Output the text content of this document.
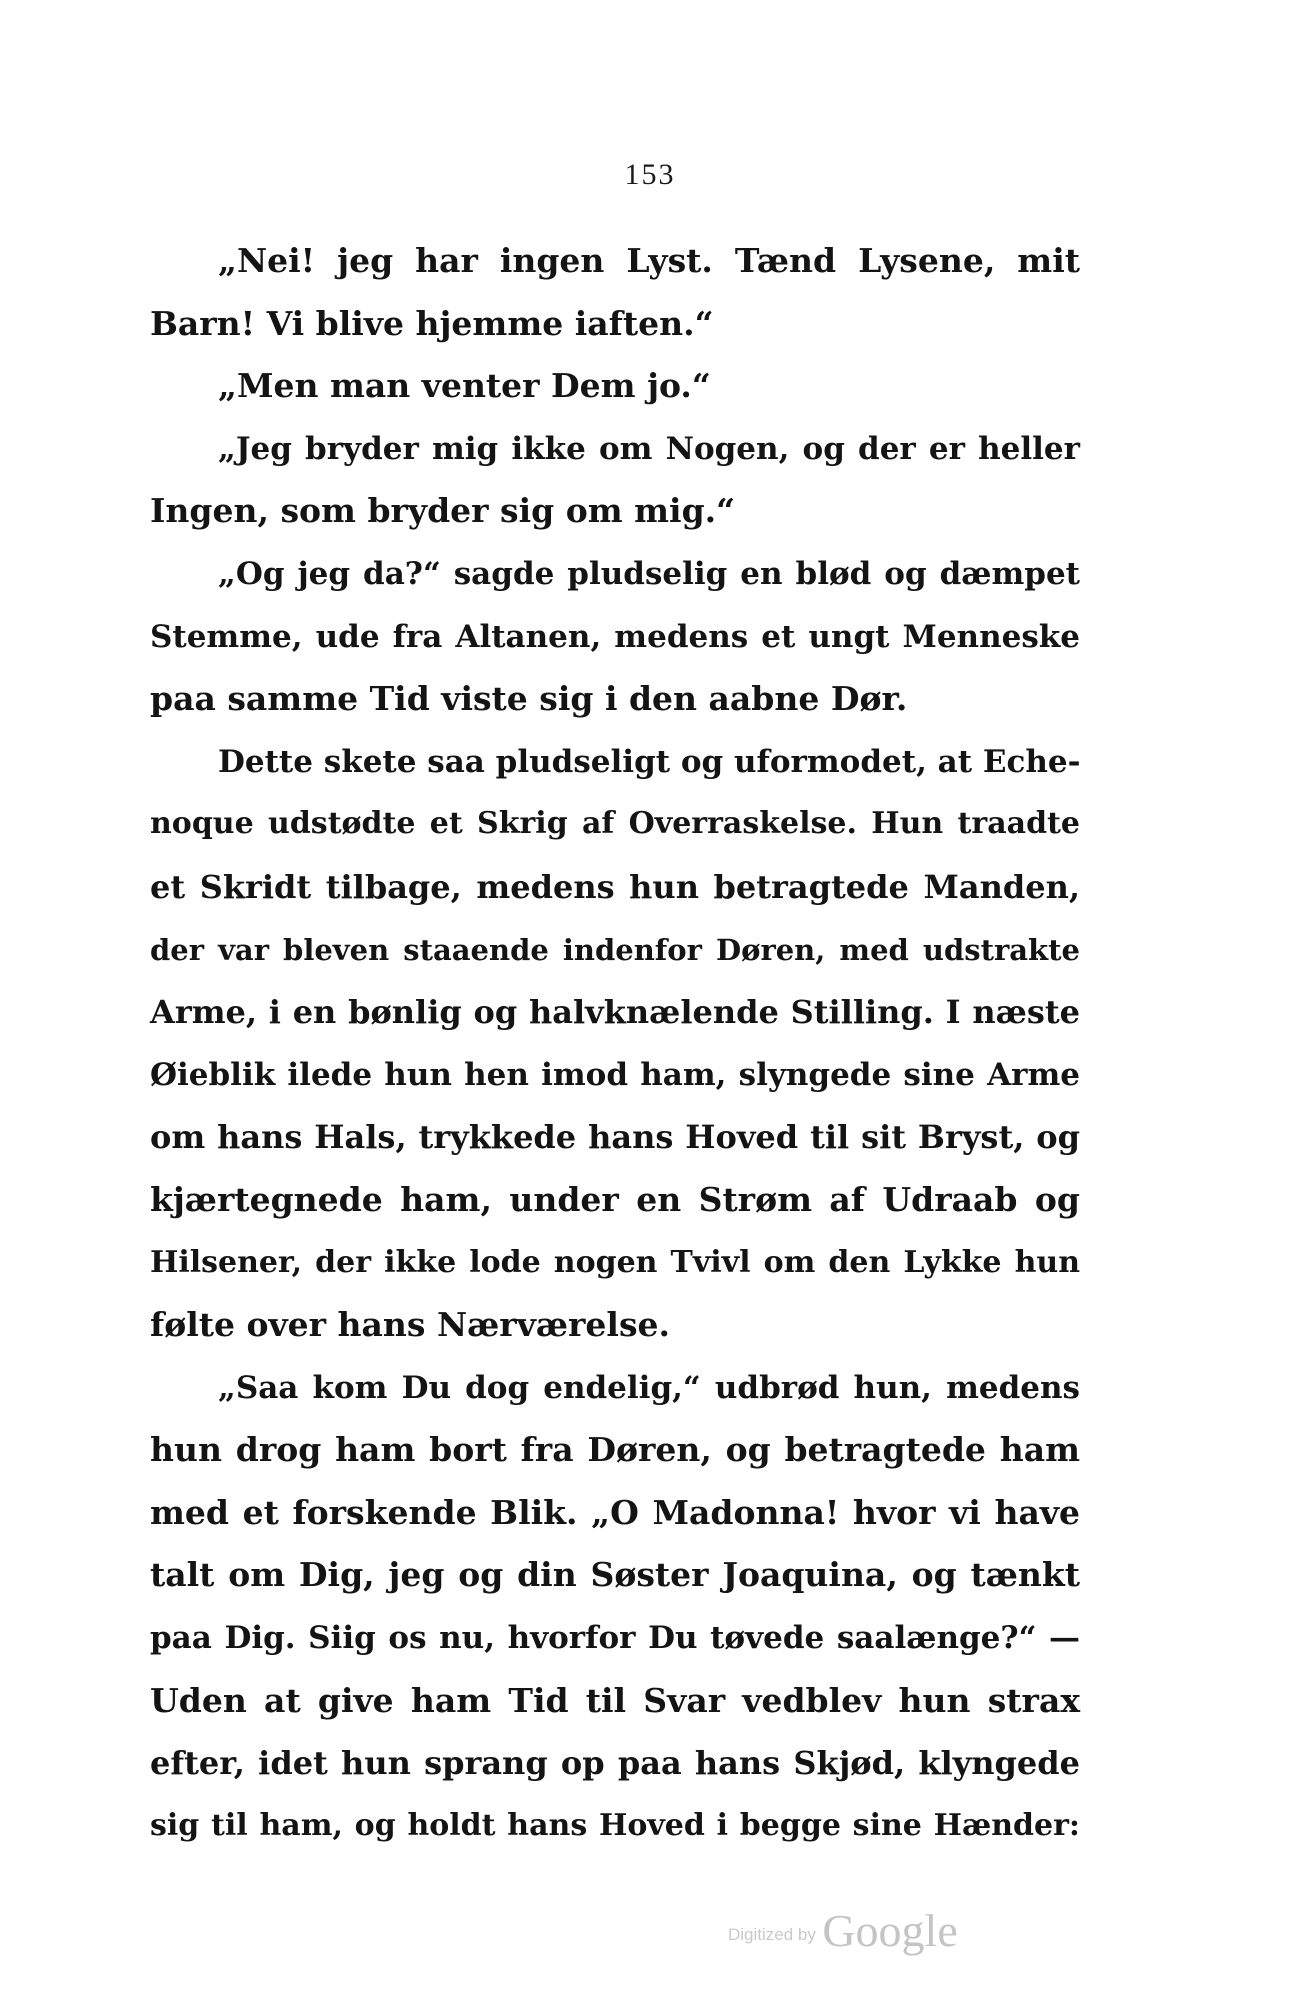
153
„Nei! jeg har ingen Lyst. Tænd Lysene, mit
Barn! Vi blive hjemme iaften.“
„Men man venter Dem jo.“
„Jeg bryder mig ikke om Nogen, og der er heller
Ingen, som bryder sig om mig.“
„Og jeg da?“ sagde pludselig en blød og dæmpet
Stemme, ude fra Altanen, medens et ungt Menneske
paa samme Tid viste sig i den aabne Dør.
Dette skete saa pludseligt og uformodet, at Eche-
noque udstødte et Skrig af Overraskelse. Hun traadte
et Skridt tilbage, medens hun betragtede Manden,
der var bleven staaende indenfor Døren, med udstrakte
Arme, i en bønlig og halvknælende Stilling. I næste
Øieblik ilede hun hen imod ham, slyngede sine Arme
om hans Hals, trykkede hans Hoved til sit Bryst, og
kjærtegnede ham, under en Strøm af Udraab og
Hilsener, der ikke lode nogen Tvivl om den Lykke hun
følte over hans Nærværelse.
„Saa kom Du dog endelig,“ udbrød hun, medens
hun drog ham bort fra Døren, og betragtede ham
med et forskende Blik. „O Madonna! hvor vi have
talt om Dig, jeg og din Søster Joaquina, og tænkt
paa Dig. Siig os nu, hvorfor Du tøvede saalænge?“ —
Uden at give ham Tid til Svar vedblev hun strax
efter, idet hun sprang op paa hans Skjød, klyngede
sig til ham, og holdt hans Hoved i begge sine Hænder:
Digitized by Google
